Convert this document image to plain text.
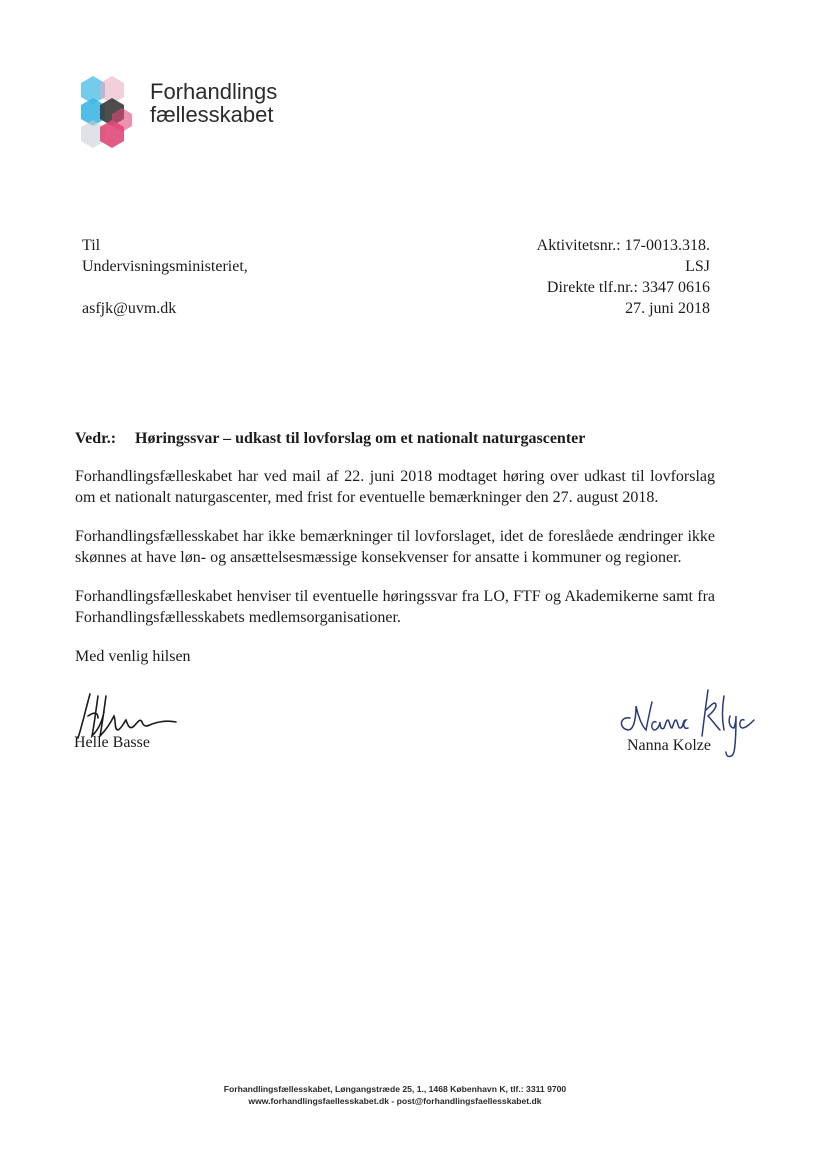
Forhandlings
fællesskabet
Til
Undervisningsministeriet,
asfjk@uvm.dk
Aktivitetsnr.: 17-0013.318.
LSJ
Direkte tlf.nr.: 3347 0616
27. juni 2018
Vedr.: Høringssvar – udkast til lovforslag om et nationalt naturgascenter

Forhandlingsfælleskabet har ved mail af 22. juni 2018 modtaget høring over udkast til lovforslag om et nationalt naturgascenter, med frist for eventuelle bemærkninger den 27. august 2018.

Forhandlingsfællesskabet har ikke bemærkninger til lovforslaget, idet de foreslåede ændringer ikke skønnes at have løn- og ansættelsesmæssige konsekvenser for ansatte i kommuner og regioner.

Forhandlingsfælleskabet henviser til eventuelle høringssvar fra LO, FTF og Akademikerne samt fra Forhandlingsfællesskabets medlemsorganisationer.

Med venlig hilsen
Helle Basse	Nanna Kolze
Forhandlingsfællesskabet, Løngangstræde 25, 1., 1468 København K, tlf.: 3311 9700
www.forhandlingsfaellesskabet.dk - post@forhandlingsfaellesskabet.dk
